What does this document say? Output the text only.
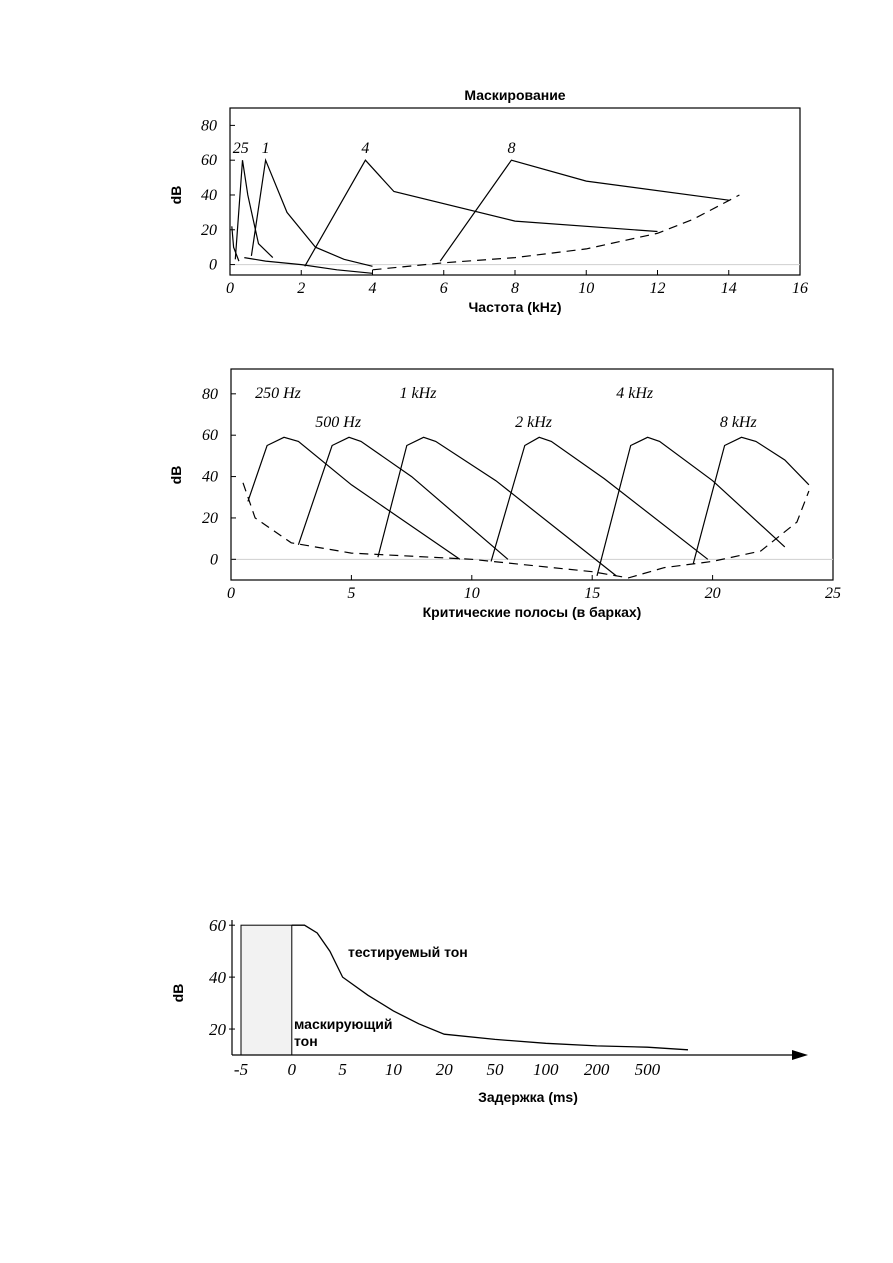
Маскирование
Частота (kHz)
dB
0	2	4	6	8	10	12	14	16
0
20
40
60
80
25 1	4	8
Критические полосы (в барках)
dB
0	5	10	15	20	25
0
20
40
60
80 250 Hz
500 Hz
1 kHz
2 kHz
4 kHz
8 kHz
Задержка (ms)
dB
-5 0 5 10 20 50 100 200 500
60
40
20
тестируемый тон
маскирующий тон
